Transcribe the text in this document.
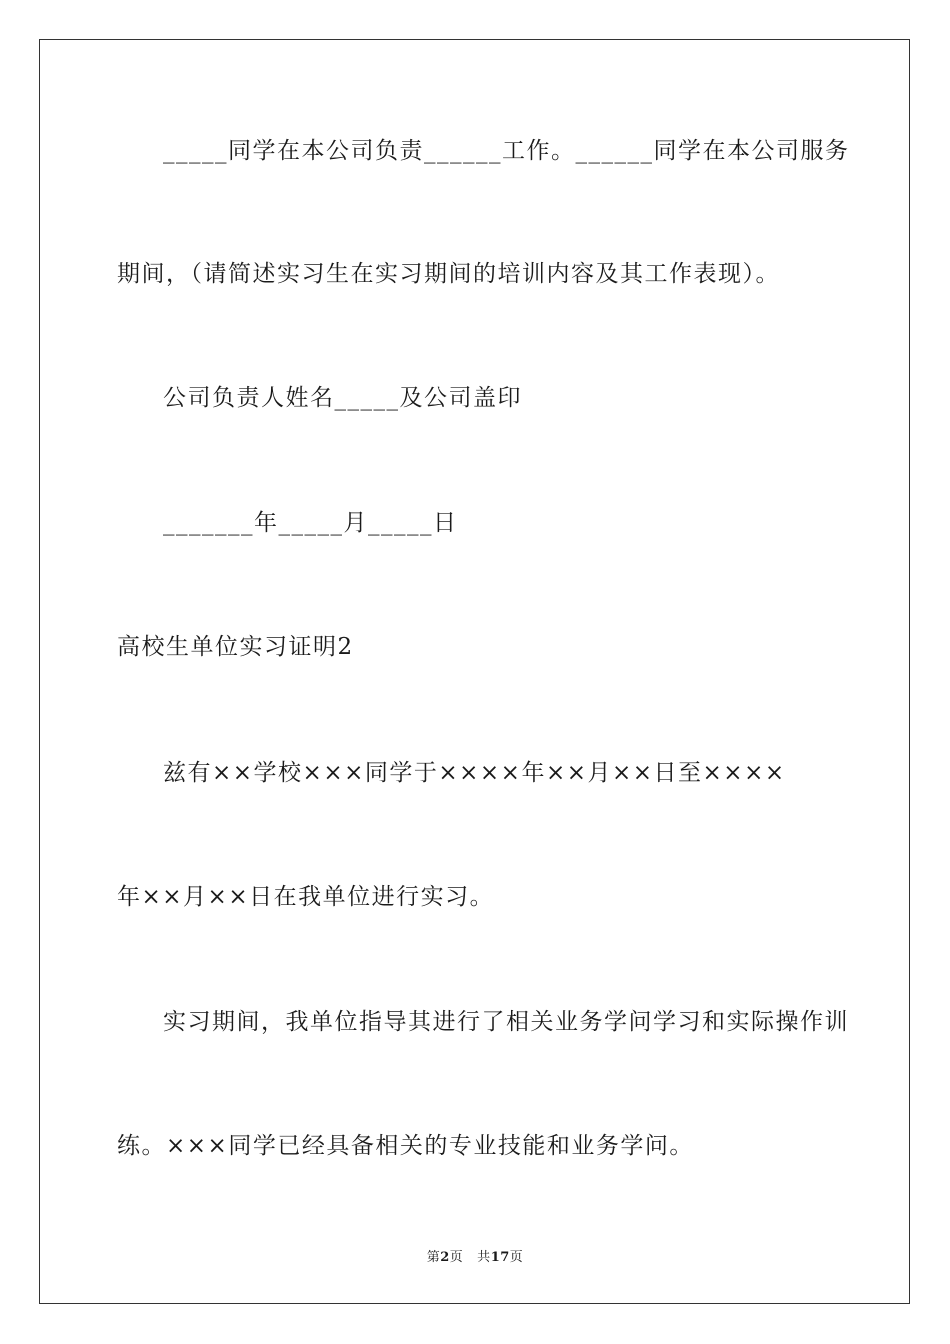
_____同学在本公司负责______工作。______同学在本公司服务
期间，（请简述实习生在实习期间的培训内容及其工作表现）。
公司负责人姓名_____及公司盖印
_______年_____月_____日
高校生单位实习证明2
兹有××学校×××同学于××××年××月××日至××××
年××月××日在我单位进行实习。
实习期间，我单位指导其进行了相关业务学问学习和实际操作训
练。×××同学已经具备相关的专业技能和业务学问。
第2页 共17页
